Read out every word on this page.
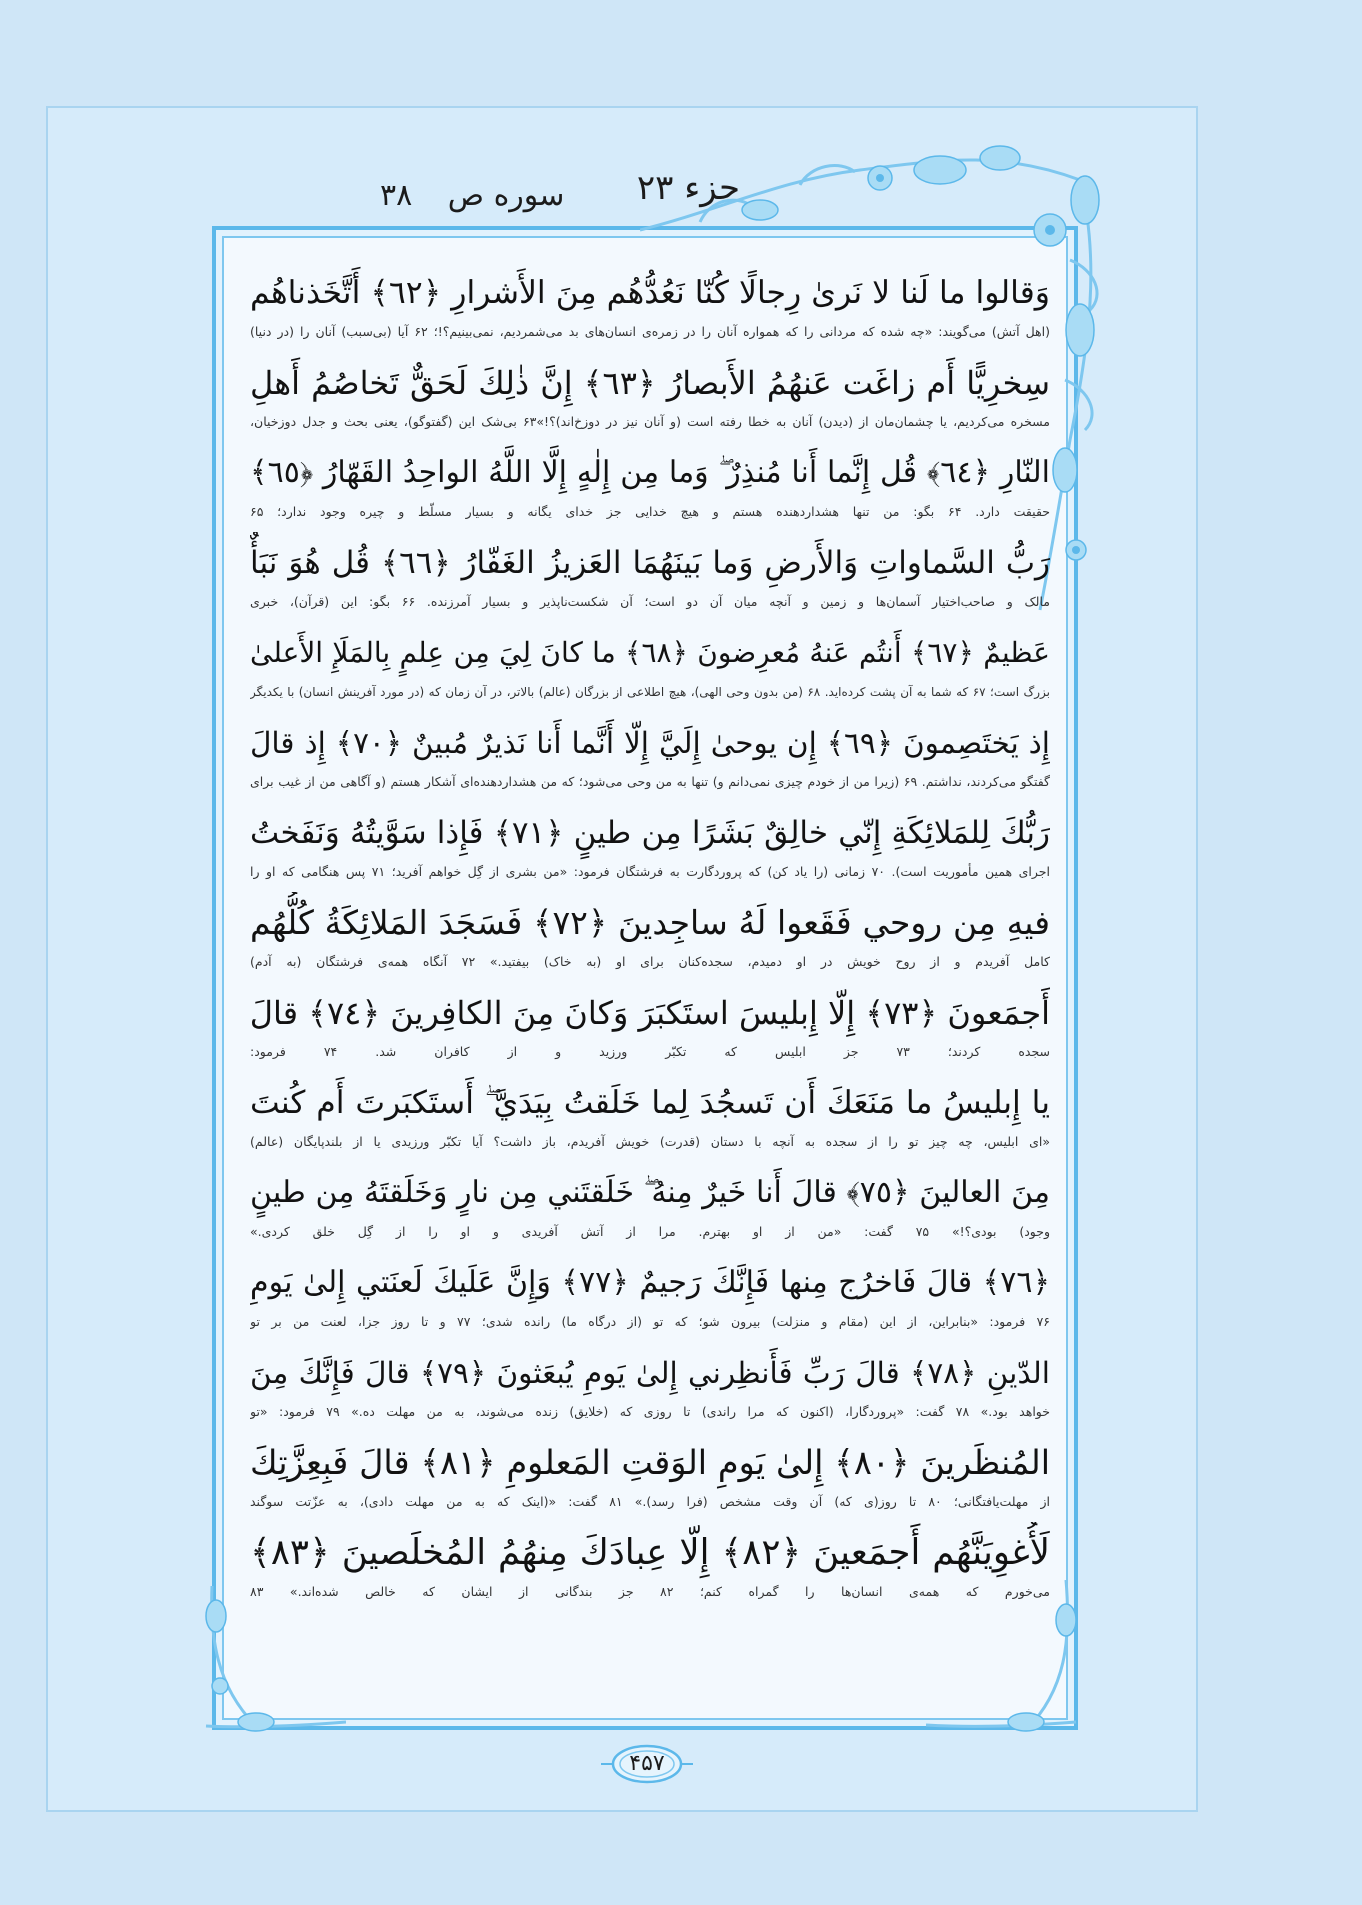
جزء ۲۳
سوره ص ۳۸
وَقالوا ما لَنا لا نَرىٰ رِجالًا كُنّا نَعُدُّهُم مِنَ الأَشرارِ ﴿٦٢﴾ أَتَّخَذناهُم
(اهل آتش) می‌گویند: «چه شده که مردانی را که همواره آنان را در زمره‌ی انسان‌های بد می‌شمردیم، نمی‌بینیم؟!؛ ۶۲ آیا (بی‌سبب) آنان را (در دنیا)
سِخرِيًّا أَم زاغَت عَنهُمُ الأَبصارُ ﴿٦٣﴾ إِنَّ ذٰلِكَ لَحَقٌّ تَخاصُمُ أَهلِ
مسخره می‌کردیم، یا چشمان‌مان از (دیدن) آنان به خطا رفته است (و آنان نیز در دوزخ‌اند)؟!»۶۳ بی‌شک این (گفتوگو)، یعنی بحث و جدل دوزخیان،
النّارِ ﴿٦٤﴾ قُل إِنَّما أَنا مُنذِرٌ ۖ وَما مِن إِلٰهٍ إِلَّا اللَّهُ الواحِدُ القَهّارُ ﴿٦٥﴾
حقیقت دارد. ۶۴ بگو: من تنها هشداردهنده هستم و هیچ خدایی جز خدای یگانه و بسیار مسلّط و چیره وجود ندارد؛ ۶۵
رَبُّ السَّماواتِ وَالأَرضِ وَما بَينَهُمَا العَزيزُ الغَفّارُ ﴿٦٦﴾ قُل هُوَ نَبَأٌ
مالک و صاحب‌اختیار آسمان‌ها و زمین و آنچه میان آن دو است؛ آن شکست‌ناپذیر و بسیار آمرزنده. ۶۶ بگو: این (قرآن)، خبری
عَظيمٌ ﴿٦٧﴾ أَنتُم عَنهُ مُعرِضونَ ﴿٦٨﴾ ما كانَ لِيَ مِن عِلمٍ بِالمَلَإِ الأَعلىٰ
بزرگ است؛ ۶۷ که شما به آن پشت کرده‌اید. ۶۸ (من بدون وحی الهی)، هیچ اطلاعی از بزرگان (عالم) بالاتر، در آن زمان که (در مورد آفرینش انسان) با یکدیگر
إِذ يَختَصِمونَ ﴿٦٩﴾ إِن يوحىٰ إِلَيَّ إِلّا أَنَّما أَنا نَذيرٌ مُبينٌ ﴿٧٠﴾ إِذ قالَ
گفتگو می‌کردند، نداشتم. ۶۹ (زیرا من از خودم چیزی نمی‌دانم و) تنها به من وحی می‌شود؛ که من هشداردهنده‌ای آشکار هستم (و آگاهی من از غیب برای
رَبُّكَ لِلمَلائِكَةِ إِنّي خالِقٌ بَشَرًا مِن طينٍ ﴿٧١﴾ فَإِذا سَوَّيتُهُ وَنَفَختُ
اجرای همین مأموریت است). ۷۰ زمانی (را یاد کن) که پروردگارت به فرشتگان فرمود: «من بشری از گِل خواهم آفرید؛ ۷۱ پس هنگامی که او را
فيهِ مِن روحي فَقَعوا لَهُ ساجِدينَ ﴿٧٢﴾ فَسَجَدَ المَلائِكَةُ كُلُّهُم
کامل آفریدم و از روح خویش در او دمیدم، سجده‌کنان برای او (به خاک) بیفتید.» ۷۲ آنگاه همه‌ی فرشتگان (به آدم)
أَجمَعونَ ﴿٧٣﴾ إِلّا إِبليسَ استَكبَرَ وَكانَ مِنَ الكافِرينَ ﴿٧٤﴾ قالَ
سجده کردند؛ ۷۳ جز ابلیس که تکبّر ورزید و از کافران شد. ۷۴ فرمود:
يا إِبليسُ ما مَنَعَكَ أَن تَسجُدَ لِما خَلَقتُ بِيَدَيَّ ۖ أَستَكبَرتَ أَم كُنتَ
«ای ابلیس، چه چیز تو را از سجده به آنچه با دستان (قدرت) خویش آفریدم، باز داشت؟ آیا تکبّر ورزیدی یا از بلندپایگان (عالم)
مِنَ العالينَ ﴿٧٥﴾ قالَ أَنا خَيرٌ مِنهُ ۖ خَلَقتَني مِن نارٍ وَخَلَقتَهُ مِن طينٍ
وجود) بودی؟!» ۷۵ گفت: «من از او بهترم. مرا از آتش آفریدی و او را از گِل خلق کردی.»
﴿٧٦﴾ قالَ فَاخرُج مِنها فَإِنَّكَ رَجيمٌ ﴿٧٧﴾ وَإِنَّ عَلَيكَ لَعنَتي إِلىٰ يَومِ
۷۶ فرمود: «بنابراین، از این (مقام و منزلت) بیرون شو؛ که تو (از درگاه ما) رانده شدی؛ ۷۷ و تا روز جزا، لعنت من بر تو
الدّينِ ﴿٧٨﴾ قالَ رَبِّ فَأَنظِرني إِلىٰ يَومِ يُبعَثونَ ﴿٧٩﴾ قالَ فَإِنَّكَ مِنَ
خواهد بود.» ۷۸ گفت: «پروردگارا، (اکنون که مرا راندی) تا روزی که (خلایق) زنده می‌شوند، به من مهلت ده.» ۷۹ فرمود: «تو
المُنظَرينَ ﴿٨٠﴾ إِلىٰ يَومِ الوَقتِ المَعلومِ ﴿٨١﴾ قالَ فَبِعِزَّتِكَ
از مهلت‌یافتگانی؛ ۸۰ تا روز(ی که) آن وقت مشخص (فرا رسد).» ۸۱ گفت: «(اینک که به من مهلت دادی)، به عزّتت سوگند
لَأُغوِيَنَّهُم أَجمَعينَ ﴿٨٢﴾ إِلّا عِبادَكَ مِنهُمُ المُخلَصينَ ﴿٨٣﴾
می‌خورم که همه‌ی انسان‌ها را گمراه کنم؛ ۸۲ جز بندگانی از ایشان که خالص شده‌اند.» ۸۳
۴۵۷
